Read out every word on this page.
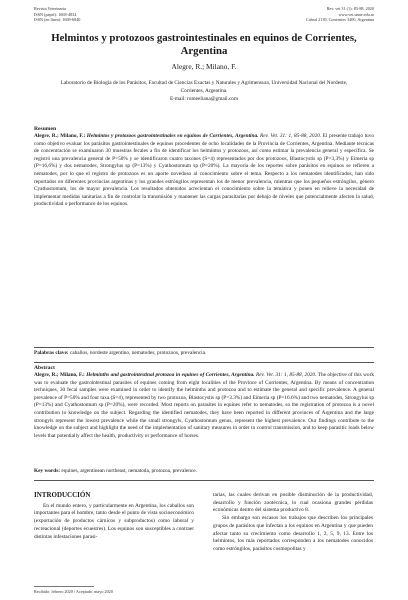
Revista Veterinaria
ISSN (papel): 1668-4834
ISSN (en línea): 1669-6840
Rev. vet 31 (1): 85-88, 2020
www.vet.unne.edu.ar
Cabral 2139, Corrientes 3400, Argentina
Helmintos y protozoos gastrointestinales en equinos de Corrientes, Argentina
Alegre, R.; Milano, F.
Laboratorio de Biología de los Parásitos, Facultad de Ciencias Exactas y Naturales y Agrimensura, Universidad Nacional del Nordeste, Corrientes, Argentina.
E-mail: rumeeliana@gmail.com
Resumen
Alegre, R.; Milano, F.: Helmintos y protozoos gastrointestinales en equinos de Corrientes, Argentina. Rev. Vet. 31: 1, 85-88, 2020. El presente trabajo tuvo como objetivo evaluar los parásitos gastrointestinales de equinos procedentes de ocho localidades de la Provincia de Corrientes, Argentina. Mediante técnicas de concentración se examinaron 30 muestras fecales a fin de identificar los helmintos y protozoos, así como estimar la prevalencia general y específica. Se registró una prevalencia general de P=50% y se identificaron cuatro taxones (S=4) representados por dos protozoos, Blastocystis sp (P=3,3%) y Eimeria sp (P=16,6%) y dos nematodes, Strongylus sp (P=13%) y Cyathostomum sp (P=20%). La mayoría de los reportes sobre parásitos en equinos se refieren a nematodes, por lo que el registro de protozoos es un aporte novedoso al conocimiento sobre el tema. Respecto a los nematodes identificados, han sido reportados en diferentes provincias argentinas y los grandes estróngilos representan los de menor prevalencia, mientras que los pequeños estróngilos, género Cyathostomum, los de mayor prevalencia. Los resultados obtenidos acrecientan el conocimiento sobre la temática y ponen en relieve la necesidad de implementar medidas sanitarias a fin de controlar la transmisión y mantener las cargas parasitarias por debajo de niveles que potencialmente afecten la salud, productividad o performance de los equinos.
Palabras clave: caballos, nordeste argentino, nematodes, protozoos, prevalencia.
Abstract
Alegre, R.; Milano, F.: Helminths and gastrointestinal protozoa in equines of Corrientes, Argentina. Rev. Vet. 31: 1, 85-88, 2020. The objective of this work was to evaluate the gastrointestinal parasites of equines coming from eight localities of the Province of Corrientes, Argentina. By means of concentration techniques, 30 fecal samples were examined in order to identify the helminths and protozoa and to estimate the general and specific prevalence. A general prevalence of P=50% and four taxa (S=4), represented by two protozoa, Blastocystis sp (P=3.3%) and Eimeria sp (P=16.6%) and two nematodes, Strongylus sp (P=13%) and Cyathostomum sp (P=20%), were recorded. Most reports on parasites in equines refer to nematodes, so the registration of protozoa is a novel contribution to knowledge on the subject. Regarding the identified nematodes, they have been reported in different provinces of Argentina and the large strongyls represent the lowest prevalence while the small strongyls, Cyathostomum genus, represent the highest prevalence. Our findings contribute to the knowledge on the subject and highlight the need of the implementation of sanitary measures in order to control transmission, and to keep parasitic loads below levels that potentially affect the health, productivity or performance of horses.
Key words: equines, argentinean northeast, nematoda, protozoa, prevalence.
INTRODUCCIÓN
En el mundo entero, y particularmente en Argentina, los caballos son importantes para el hombre, tanto desde el punto de vista socioeconómico (exportación de productos cárnicos y subproductos) como laboral y recreacional (deportes ecuestres). Los equinos son susceptibles a contraer distintas infestaciones parasi-
tarias, las cuales derivan en posible disminución de la productividad, desarrollo y función zootécnica, lo cual ocasiona grandes pérdidas económicas dentro del sistema productivo 8.
Sin embargo son escasos los trabajos que describen los principales grupos de parásitos que infectan a los equinos en Argentina y que pueden afectar tanto su crecimiento como desarrollo 1, 2, 5, 9, 13. Entre los helmintos, los más reportados corresponden a los nematodes conocidos como estróngilos, parásitos cosmopolitas y
Recibido: febrero 2020 / Aceptado: mayo 2020
